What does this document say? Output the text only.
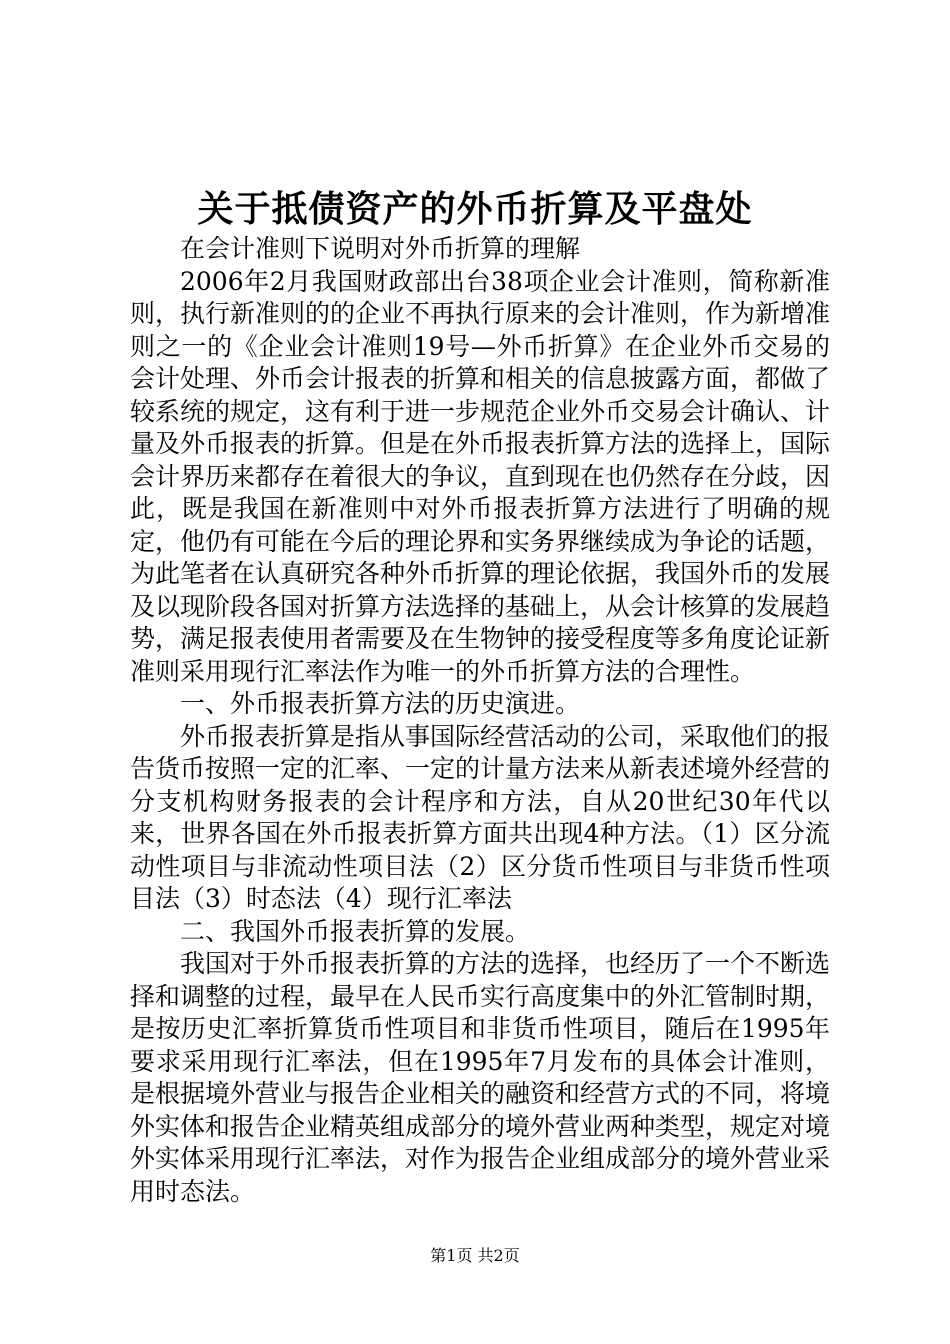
关于抵债资产的外币折算及平盘处

在会计准则下说明对外币折算的理解

2006年2月我国财政部出台38项企业会计准则，简称新准则，执行新准则的的企业不再执行原来的会计准则，作为新增准则之一的《企业会计准则19号—外币折算》在企业外币交易的会计处理、外币会计报表的折算和相关的信息披露方面，都做了较系统的规定，这有利于进一步规范企业外币交易会计确认、计量及外币报表的折算。但是在外币报表折算方法的选择上，国际会计界历来都存在着很大的争议，直到现在也仍然存在分歧，因此，既是我国在新准则中对外币报表折算方法进行了明确的规定，他仍有可能在今后的理论界和实务界继续成为争论的话题，为此笔者在认真研究各种外币折算的理论依据，我国外币的发展及以现阶段各国对折算方法选择的基础上，从会计核算的发展趋势，满足报表使用者需要及在生物钟的接受程度等多角度论证新准则采用现行汇率法作为唯一的外币折算方法的合理性。

一、外币报表折算方法的历史演进。

外币报表折算是指从事国际经营活动的公司，采取他们的报告货币按照一定的汇率、一定的计量方法来从新表述境外经营的分支机构财务报表的会计程序和方法，自从20世纪30年代以来，世界各国在外币报表折算方面共出现4种方法。（1）区分流动性项目与非流动性项目法（2）区分货币性项目与非货币性项目法（3）时态法（4）现行汇率法

二、我国外币报表折算的发展。

我国对于外币报表折算的方法的选择，也经历了一个不断选择和调整的过程，最早在人民币实行高度集中的外汇管制时期，是按历史汇率折算货币性项目和非货币性项目，随后在1995年要求采用现行汇率法，但在1995年7月发布的具体会计准则，是根据境外营业与报告企业相关的融资和经营方式的不同，将境外实体和报告企业精英组成部分的境外营业两种类型，规定对境外实体采用现行汇率法，对作为报告企业组成部分的境外营业采用时态法。

第1页 共2页
